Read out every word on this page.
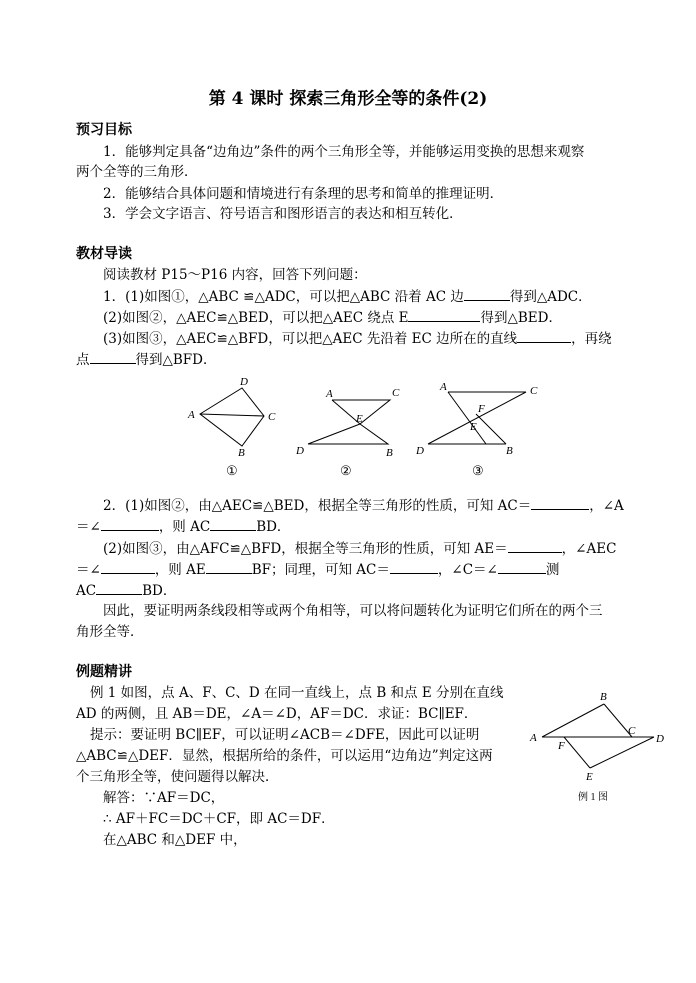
第 4 课时 探索三角形全等的条件(2)
预习目标
1．能够判定具备“边角边”条件的两个三角形全等，并能够运用变换的思想来观察
两个全等的三角形．
2．能够结合具体问题和情境进行有条理的思考和简单的推理证明．
3．学会文字语言、符号语言和图形语言的表达和相互转化．
教材导读
阅读教材 P15～P16 内容，回答下列问题：
1．(1)如图①，△ABC ≌△ADC，可以把△ABC 沿着 AC 边	得到△ADC．
(2)如图②，△AEC≌△BED，可以把△AEC 绕点 E	得到△BED．
(3)如图③，△AEC≌△BFD，可以把△AEC 先沿着 EC 边所在的直线	，再绕
点	得到△BFD．
D
A	C
B
①
A	C
E
D	B
②
A	C
F
E
D	B
③
2．(1)如图②，由△AEC≌△BED，根据全等三角形的性质，可知 AC＝	，∠A
＝∠	，则 AC	BD．
(2)如图③，由△AFC≌△BFD，根据全等三角形的性质，可知 AE＝	，∠AEC
＝∠	，则 AE	BF；同理，可知 AC＝	，∠C＝∠	测
AC	BD．
因此，要证明两条线段相等或两个角相等，可以将问题转化为证明它们所在的两个三
角形全等．
例题精讲
例 1 如图，点 A、F、C、D 在同一直线上，点 B 和点 E 分别在直线
AD 的两侧，且 AB＝DE，∠A＝∠D，AF＝DC．求证：BC∥EF．
提示：要证明 BC∥EF，可以证明∠ACB＝∠DFE，因此可以证明
△ABC≌△DEF．显然，根据所给的条件，可以运用“边角边”判定这两
个三角形全等，使问题得以解决．
解答：∵AF＝DC，
∴ AF＋FC＝DC＋CF，即 AC＝DF．
在△ABC 和△DEF 中，
B
A
C
D
F
E
例 1 图
